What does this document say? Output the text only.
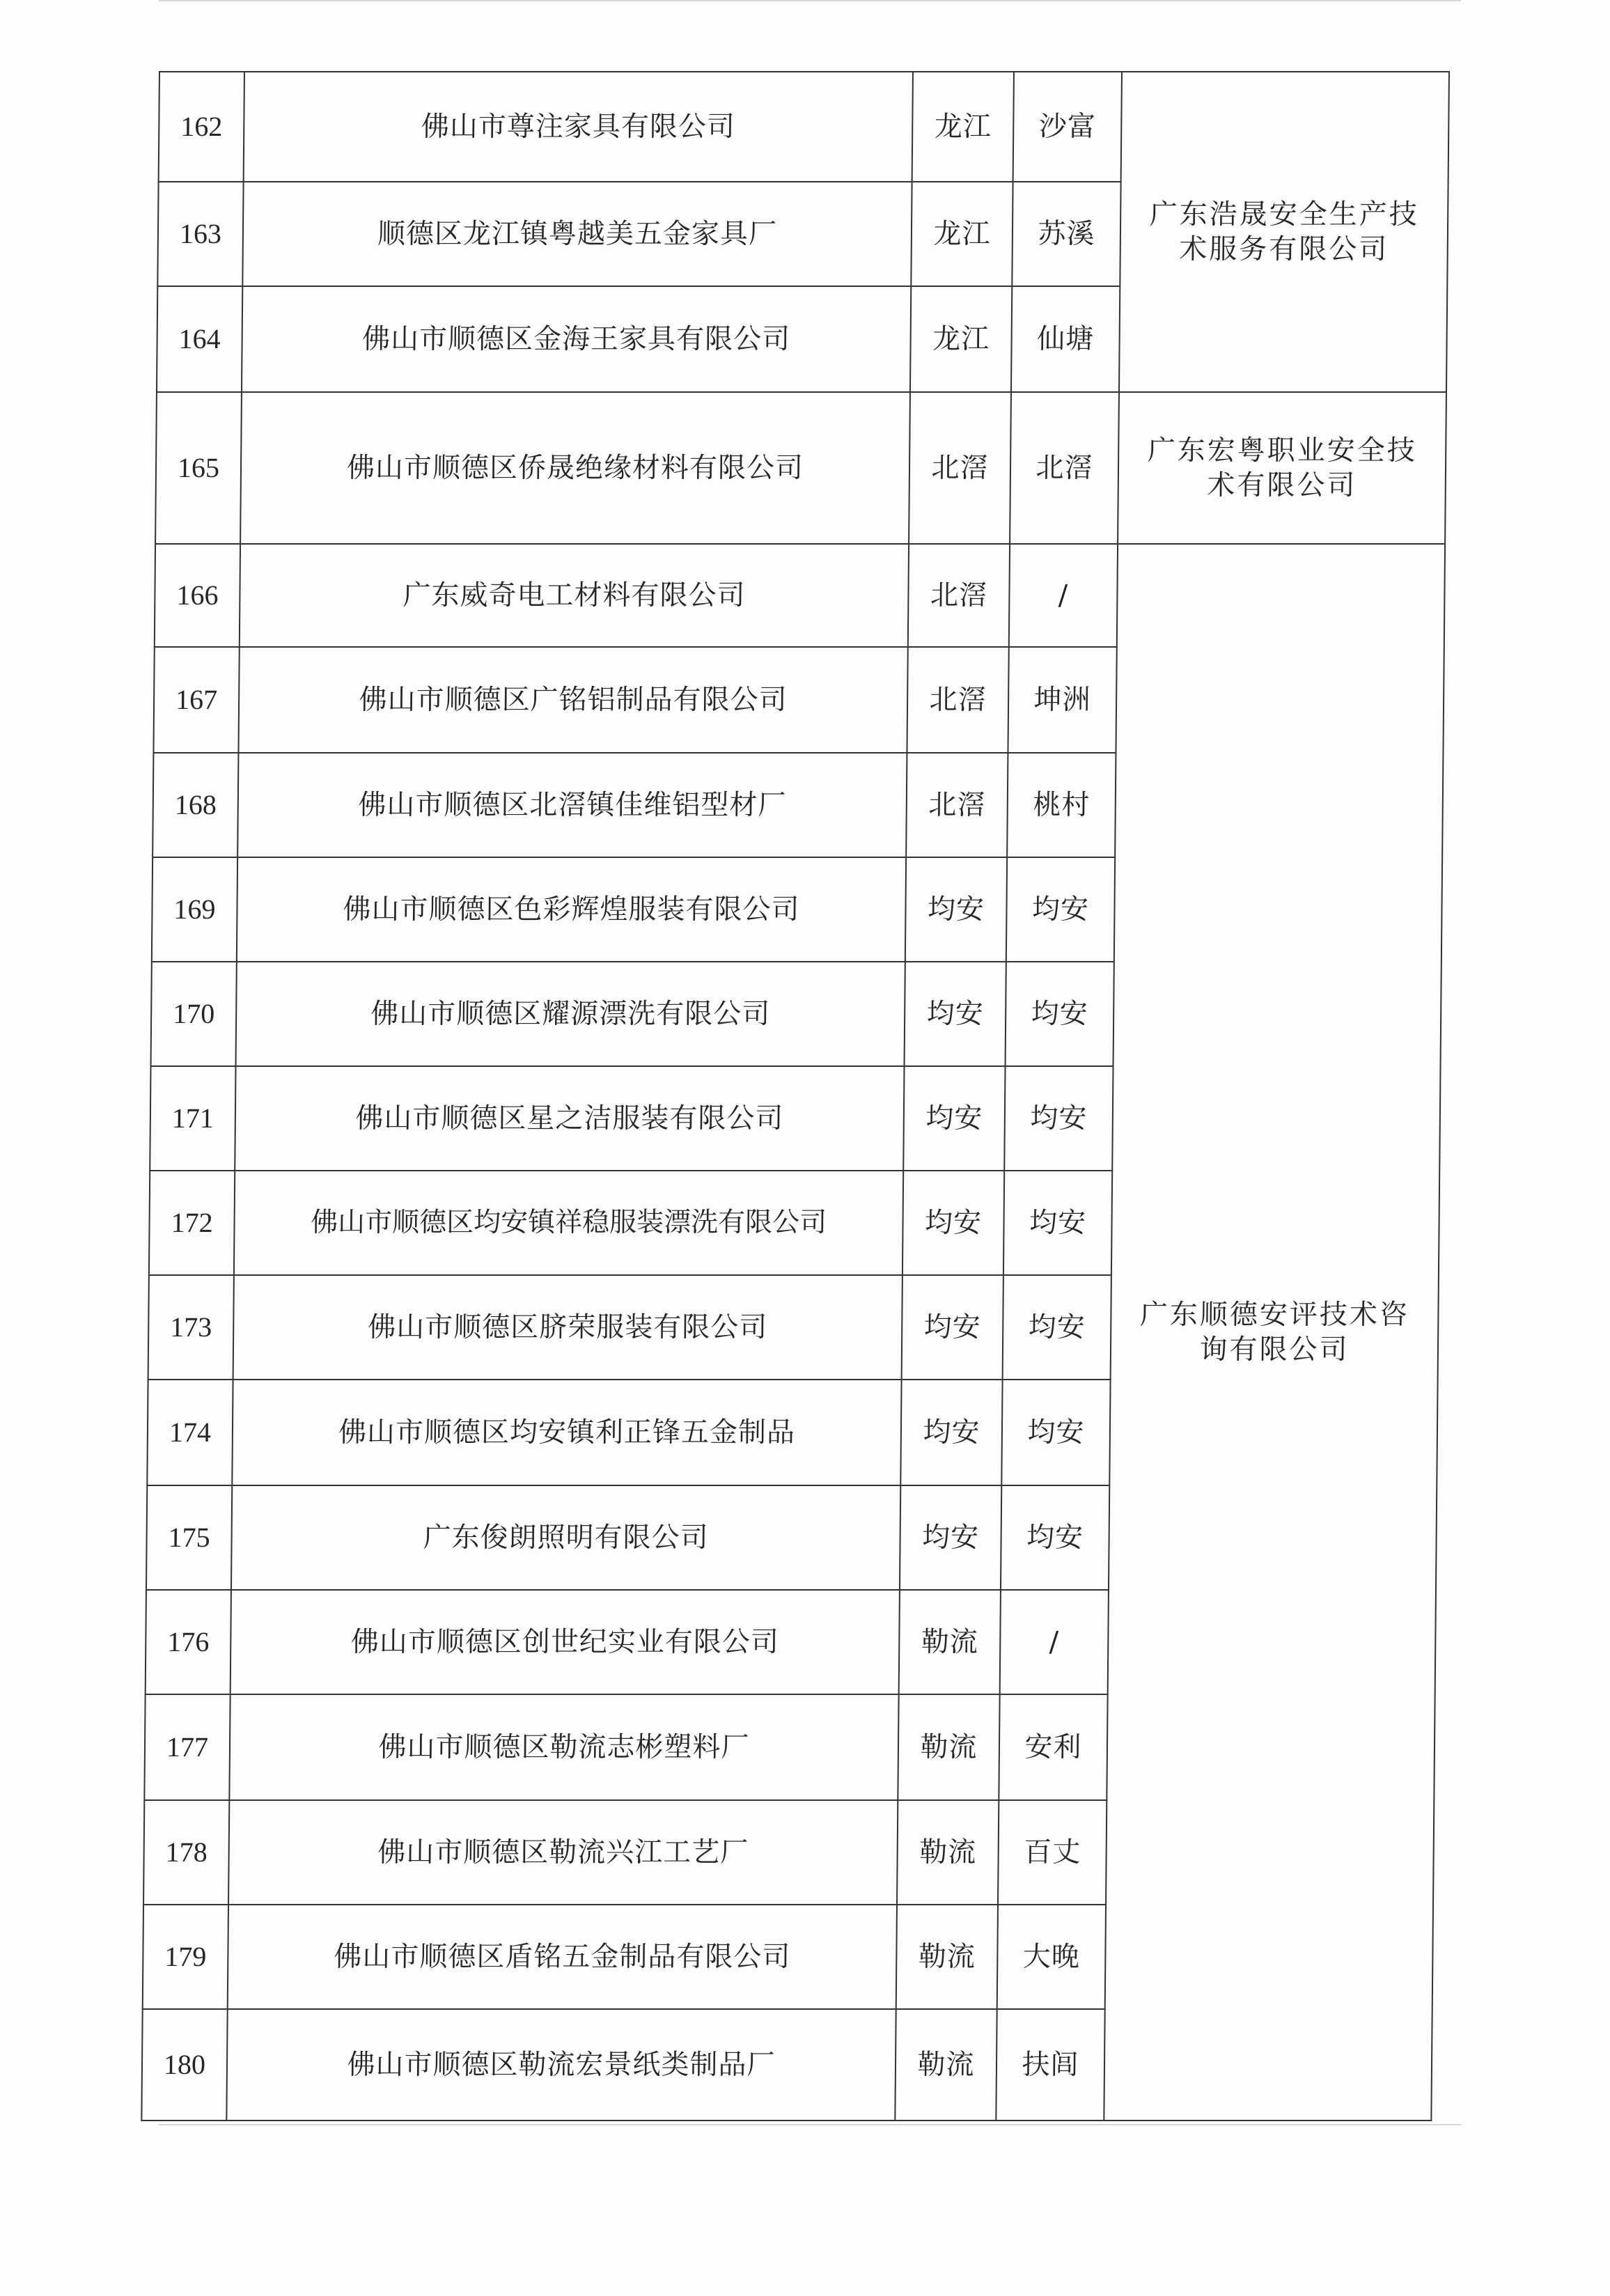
162	佛山市尊注家具有限公司	龙江	沙富	广东浩晟安全生产技
术服务有限公司

163	顺德区龙江镇粤越美五金家具厂	龙江	苏溪	
164	佛山市顺德区金海王家具有限公司	龙江	仙塘	
165	佛山市顺德区侨晟绝缘材料有限公司	北滘	北滘	广东宏粤职业安全技
术有限公司

166	广东威奇电工材料有限公司	北滘	/	广东顺德安评技术咨
询有限公司

167	佛山市顺德区广铭铝制品有限公司	北滘	坤洲	
168	佛山市顺德区北滘镇佳维铝型材厂	北滘	桃村	
169	佛山市顺德区色彩辉煌服装有限公司	均安	均安	
170	佛山市顺德区耀源漂洗有限公司	均安	均安	
171	佛山市顺德区星之洁服装有限公司	均安	均安	
172	佛山市顺德区均安镇祥稳服装漂洗有限公司	均安	均安	
173	佛山市顺德区脐荣服装有限公司	均安	均安	
174	佛山市顺德区均安镇利正锋五金制品	均安	均安	
175	广东俊朗照明有限公司	均安	均安	
176	佛山市顺德区创世纪实业有限公司	勒流	/	
177	佛山市顺德区勒流志彬塑料厂	勒流	安利	
178	佛山市顺德区勒流兴江工艺厂	勒流	百丈	
179	佛山市顺德区盾铭五金制品有限公司	勒流	大晚	
180	佛山市顺德区勒流宏景纸类制品厂	勒流	扶闾	
